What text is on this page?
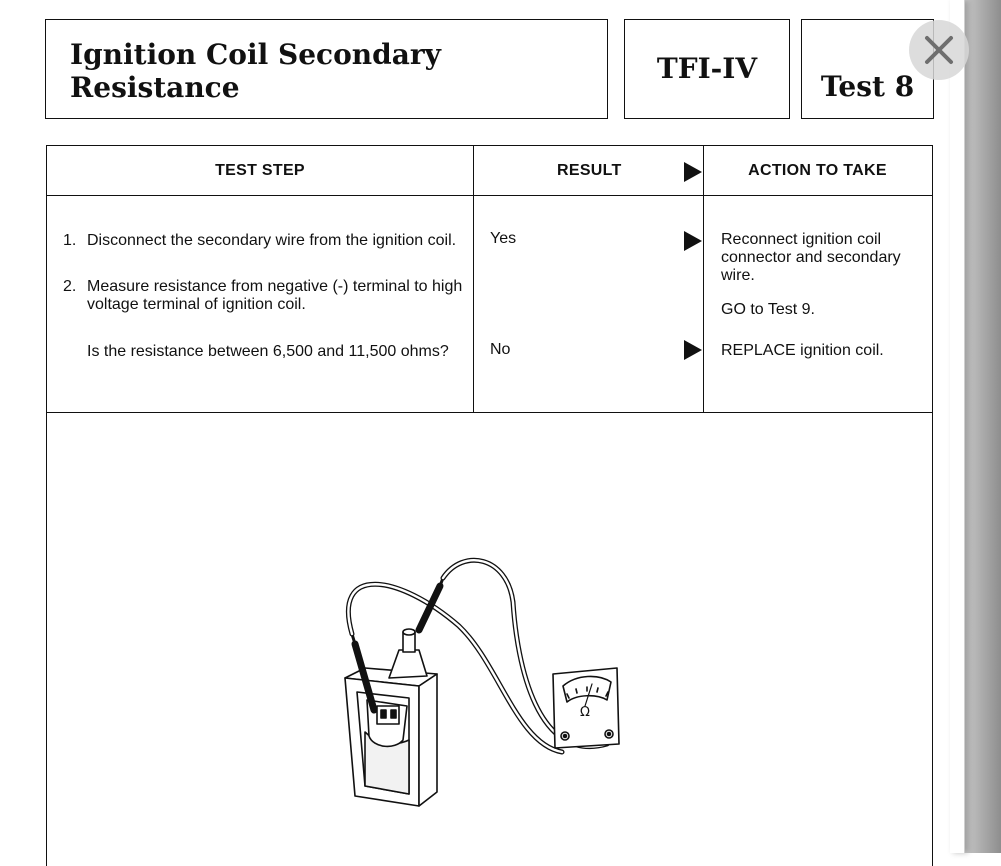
Ignition Coil Secondary Resistance
TFI-IV
Test 8
TEST STEP	RESULT	ACTION TO TAKE
1. Disconnect the secondary wire from the ignition coil.
2. Measure resistance from negative (-) terminal to high voltage terminal of ignition coil.
Is the resistance between 6,500 and 11,500 ohms?
Yes
No
Reconnect ignition coil connector and secondary wire.
GO to Test 9.
REPLACE ignition coil.
Ω
